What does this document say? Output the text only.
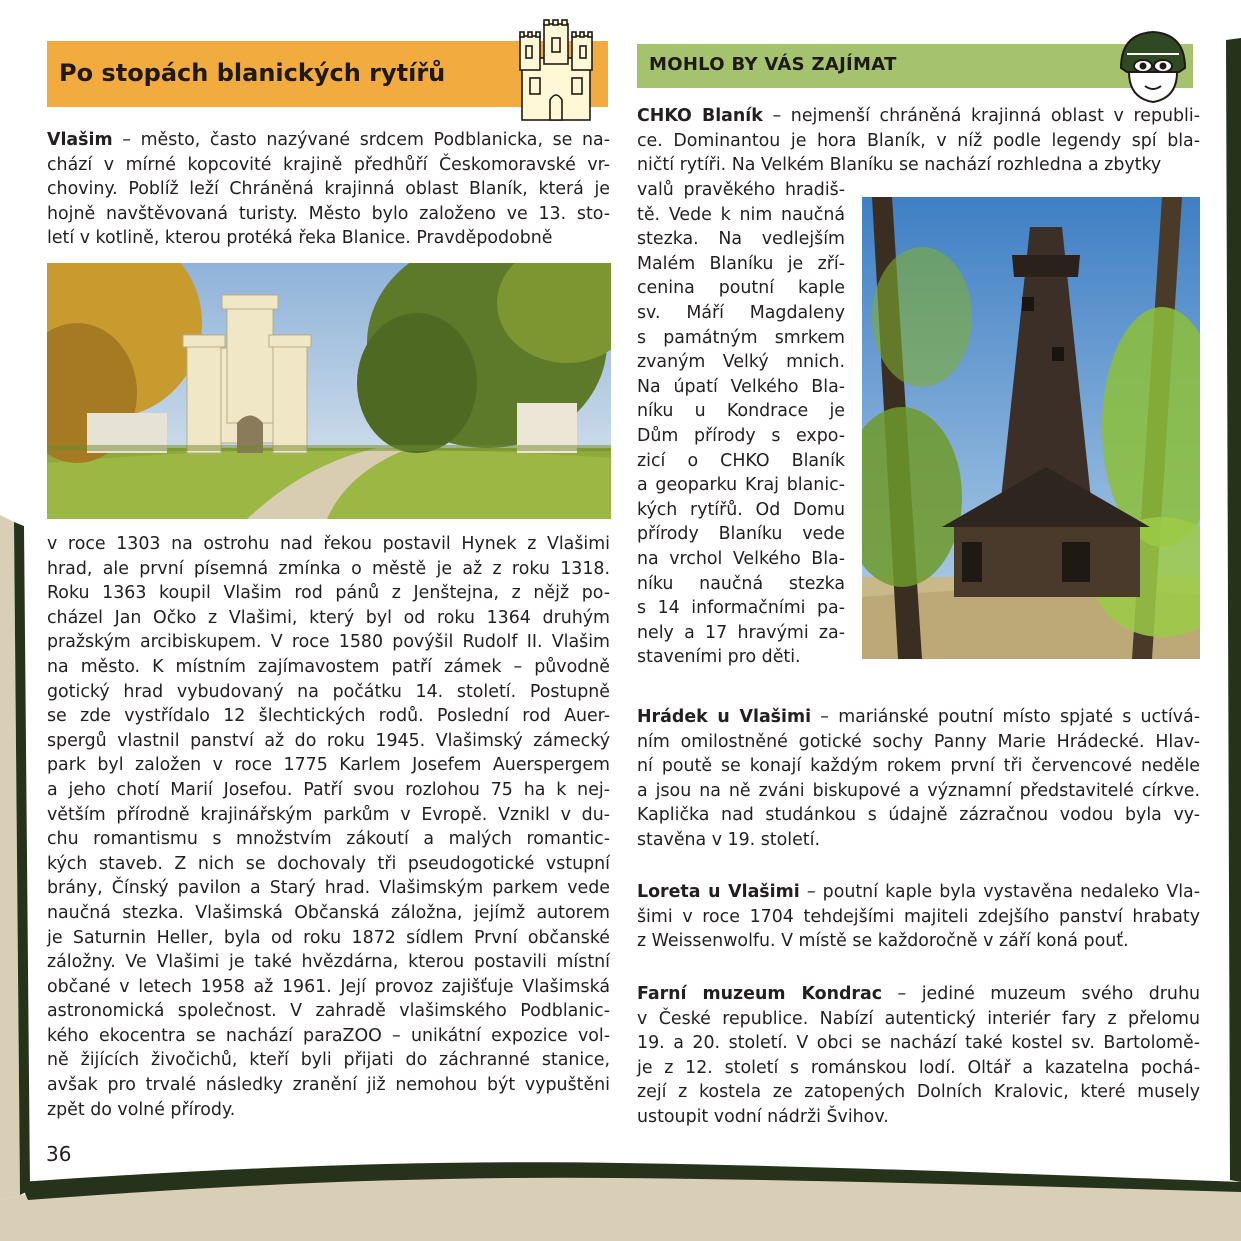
Po stopách blanických rytířů

Vlašim – město, často nazývané srdcem Podblanicka, se na-

chází v mírné kopcovité krajině předhůří Českomoravské vr-

choviny. Poblíž leží Chráněná krajinná oblast Blaník, která je

hojně navštěvovaná turisty. Město bylo založeno ve 13. sto-

letí v kotlině, kterou protéká řeka Blanice. Pravděpodobně

v roce 1303 na ostrohu nad řekou postavil Hynek z Vlašimi

hrad, ale první písemná zmínka o městě je až z roku 1318.

Roku 1363 koupil Vlašim rod pánů z Jenštejna, z nějž po-

cházel Jan Očko z Vlašimi, který byl od roku 1364 druhým

pražským arcibiskupem. V roce 1580 povýšil Rudolf II. Vlašim

na město. K místním zajímavostem patří zámek – původně

gotický hrad vybudovaný na počátku 14. století. Postupně

se zde vystřídalo 12 šlechtických rodů. Poslední rod Auer-

spergů vlastnil panství až do roku 1945. Vlašimský zámecký

park byl založen v roce 1775 Karlem Josefem Auerspergem

a jeho chotí Marií Josefou. Patří svou rozlohou 75 ha k nej-

větším přírodně krajinářským parkům v Evropě. Vznikl v du-

chu romantismu s množstvím zákoutí a malých romantic-

kých staveb. Z nich se dochovaly tři pseudogotické vstupní

brány, Čínský pavilon a Starý hrad. Vlašimským parkem vede

naučná stezka. Vlašimská Občanská záložna, jejímž autorem

je Saturnin Heller, byla od roku 1872 sídlem První občanské

záložny. Ve Vlašimi je také hvězdárna, kterou postavili místní

občané v letech 1958 až 1961. Její provoz zajišťuje Vlašimská

astronomická společnost. V zahradě vlašimského Podblanic-

kého ekocentra se nachází paraZOO – unikátní expozice vol-

ně žijících živočichů, kteří byli přijati do záchranné stanice,

avšak pro trvalé následky zranění již nemohou být vypuštěni

zpět do volné přírody.

36
MOHLO BY VÁS ZAJÍMAT

CHKO Blaník – nejmenší chráněná krajinná oblast v republi-

ce. Dominantou je hora Blaník, v níž podle legendy spí bla-

ničtí rytíři. Na Velkém Blaníku se nachází rozhledna a zbytky

valů pravěkého hradiš-

tě. Vede k nim naučná

stezka. Na vedlejším

Malém Blaníku je zří-

cenina poutní kaple

sv. Máří Magdaleny

s památným smrkem

zvaným Velký mnich.

Na úpatí Velkého Bla-

níku u Kondrace je

Dům přírody s expo-

zicí o CHKO Blaník

a geoparku Kraj blanic-

kých rytířů. Od Domu

přírody Blaníku vede

na vrchol Velkého Bla-

níku naučná stezka

s 14 informačními pa-

nely a 17 hravými za-

staveními pro děti.

Hrádek u Vlašimi – mariánské poutní místo spjaté s uctívá-

ním omilostněné gotické sochy Panny Marie Hrádecké. Hlav-

ní poutě se konají každým rokem první tři červencové neděle

a jsou na ně zváni biskupové a významní představitelé církve.

Kaplička nad studánkou s údajně zázračnou vodou byla vy-

stavěna v 19. století.

Loreta u Vlašimi – poutní kaple byla vystavěna nedaleko Vla-

šimi v roce 1704 tehdejšími majiteli zdejšího panství hrabaty

z Weissenwolfu. V místě se každoročně v září koná pouť.

Farní muzeum Kondrac – jediné muzeum svého druhu

v České republice. Nabízí autentický interiér fary z přelomu

19. a 20. století. V obci se nachází také kostel sv. Bartolomě-

je z 12. století s románskou lodí. Oltář a kazatelna pochá-

zejí z kostela ze zatopených Dolních Kralovic, které musely

ustoupit vodní nádrži Švihov.
